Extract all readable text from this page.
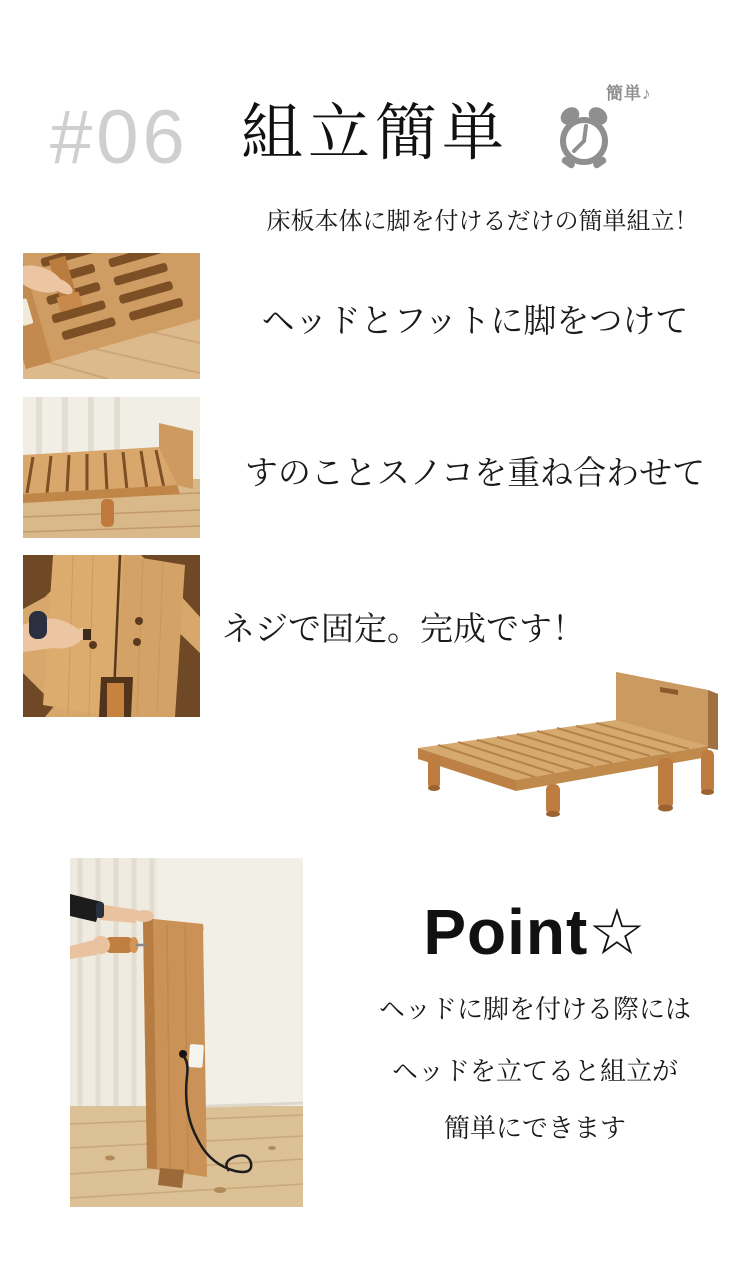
#06 組立簡単
簡単♪
床板本体に脚を付けるだけの簡単組立！
ヘッドとフットに脚をつけて
すのことスノコを重ね合わせて
ネジで固定。完成です！
Point☆
ヘッドに脚を付ける際には
ヘッドを立てると組立が
簡単にできます
